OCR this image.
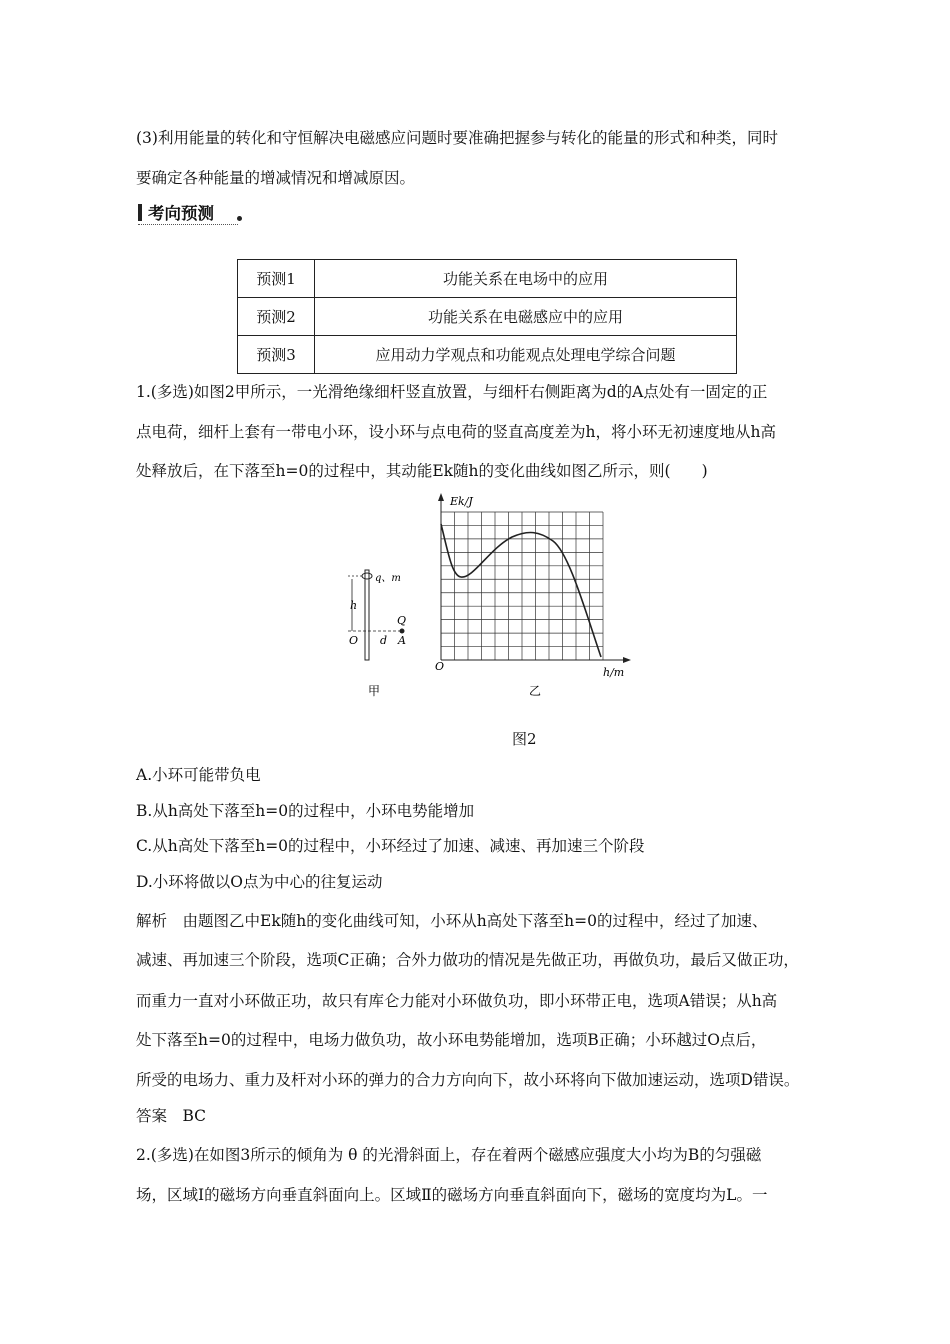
(3)利用能量的转化和守恒解决电磁感应问题时要准确把握参与转化的能量的形式和种类，同时
要确定各种能量的增减情况和增减原因。
考向预测
预测1	功能关系在电场中的应用
预测2	功能关系在电磁感应中的应用
预测3	应用动力学观点和功能观点处理电学综合问题
1.(多选)如图2甲所示，一光滑绝缘细杆竖直放置，与细杆右侧距离为d的A点处有一固定的正
点电荷，细杆上套有一带电小环，设小环与点电荷的竖直高度差为h，将小环无初速度地从h高
处释放后，在下落至h=0的过程中，其动能Ek随h的变化曲线如图乙所示，则(　　)
q、m
h
O d
Q
A
甲
Ek/J
h/m
O
乙
图2
A.小环可能带负电
B.从h高处下落至h=0的过程中，小环电势能增加
C.从h高处下落至h=0的过程中，小环经过了加速、减速、再加速三个阶段
D.小环将做以O点为中心的往复运动
解析　由题图乙中Ek随h的变化曲线可知，小环从h高处下落至h=0的过程中，经过了加速、
减速、再加速三个阶段，选项C正确；合外力做功的情况是先做正功，再做负功，最后又做正功，
而重力一直对小环做正功，故只有库仑力能对小环做负功，即小环带正电，选项A错误；从h高
处下落至h=0的过程中，电场力做负功，故小环电势能增加，选项B正确；小环越过O点后，
所受的电场力、重力及杆对小环的弹力的合力方向向下，故小环将向下做加速运动，选项D错误。
答案　BC
2.(多选)在如图3所示的倾角为 θ 的光滑斜面上，存在着两个磁感应强度大小均为B的匀强磁
场，区域Ⅰ的磁场方向垂直斜面向上。区域Ⅱ的磁场方向垂直斜面向下，磁场的宽度均为L。一
